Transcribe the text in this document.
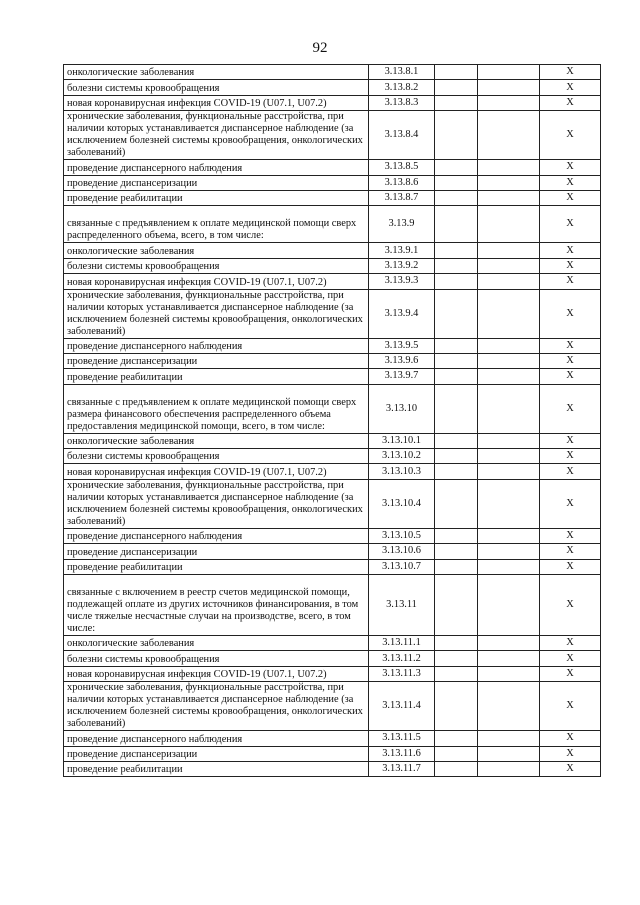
92
онкологические заболевания	3.13.8.1			X
болезни системы кровообращения	3.13.8.2			X
новая коронавирусная инфекция COVID-19 (U07.1, U07.2)	3.13.8.3			X
хронические заболевания, функциональные расстройства, при наличии которых устанавливается диспансерное наблюдение (за исключением болезней системы кровообращения, онкологических заболеваний)	3.13.8.4			X
проведение диспансерного наблюдения	3.13.8.5			X
проведение диспансеризации	3.13.8.6			X
проведение реабилитации	3.13.8.7			X
связанные с предъявлением к оплате медицинской помощи сверх распределенного объема, всего, в том числе:	3.13.9			X
онкологические заболевания	3.13.9.1			X
болезни системы кровообращения	3.13.9.2			X
новая коронавирусная инфекция COVID-19 (U07.1, U07.2)	3.13.9.3			X
хронические заболевания, функциональные расстройства, при наличии которых устанавливается диспансерное наблюдение (за исключением болезней системы кровообращения, онкологических заболеваний)	3.13.9.4			X
проведение диспансерного наблюдения	3.13.9.5			X
проведение диспансеризации	3.13.9.6			X
проведение реабилитации	3.13.9.7			X
связанные с предъявлением к оплате медицинской помощи сверх размера финансового обеспечения распределенного объема предоставления медицинской помощи, всего, в том числе:	3.13.10			X
онкологические заболевания	3.13.10.1			X
болезни системы кровообращения	3.13.10.2			X
новая коронавирусная инфекция COVID-19 (U07.1, U07.2)	3.13.10.3			X
хронические заболевания, функциональные расстройства, при наличии которых устанавливается диспансерное наблюдение (за исключением болезней системы кровообращения, онкологических заболеваний)	3.13.10.4			X
проведение диспансерного наблюдения	3.13.10.5			X
проведение диспансеризации	3.13.10.6			X
проведение реабилитации	3.13.10.7			X
связанные с включением в реестр счетов медицинской помощи, подлежащей оплате из других источников финансирования, в том числе тяжелые несчастные случаи на производстве, всего, в том числе:	3.13.11			X
онкологические заболевания	3.13.11.1			X
болезни системы кровообращения	3.13.11.2			X
новая коронавирусная инфекция COVID-19 (U07.1, U07.2)	3.13.11.3			X
хронические заболевания, функциональные расстройства, при наличии которых устанавливается диспансерное наблюдение (за исключением болезней системы кровообращения, онкологических заболеваний)	3.13.11.4			X
проведение диспансерного наблюдения	3.13.11.5			X
проведение диспансеризации	3.13.11.6			X
проведение реабилитации	3.13.11.7			X
